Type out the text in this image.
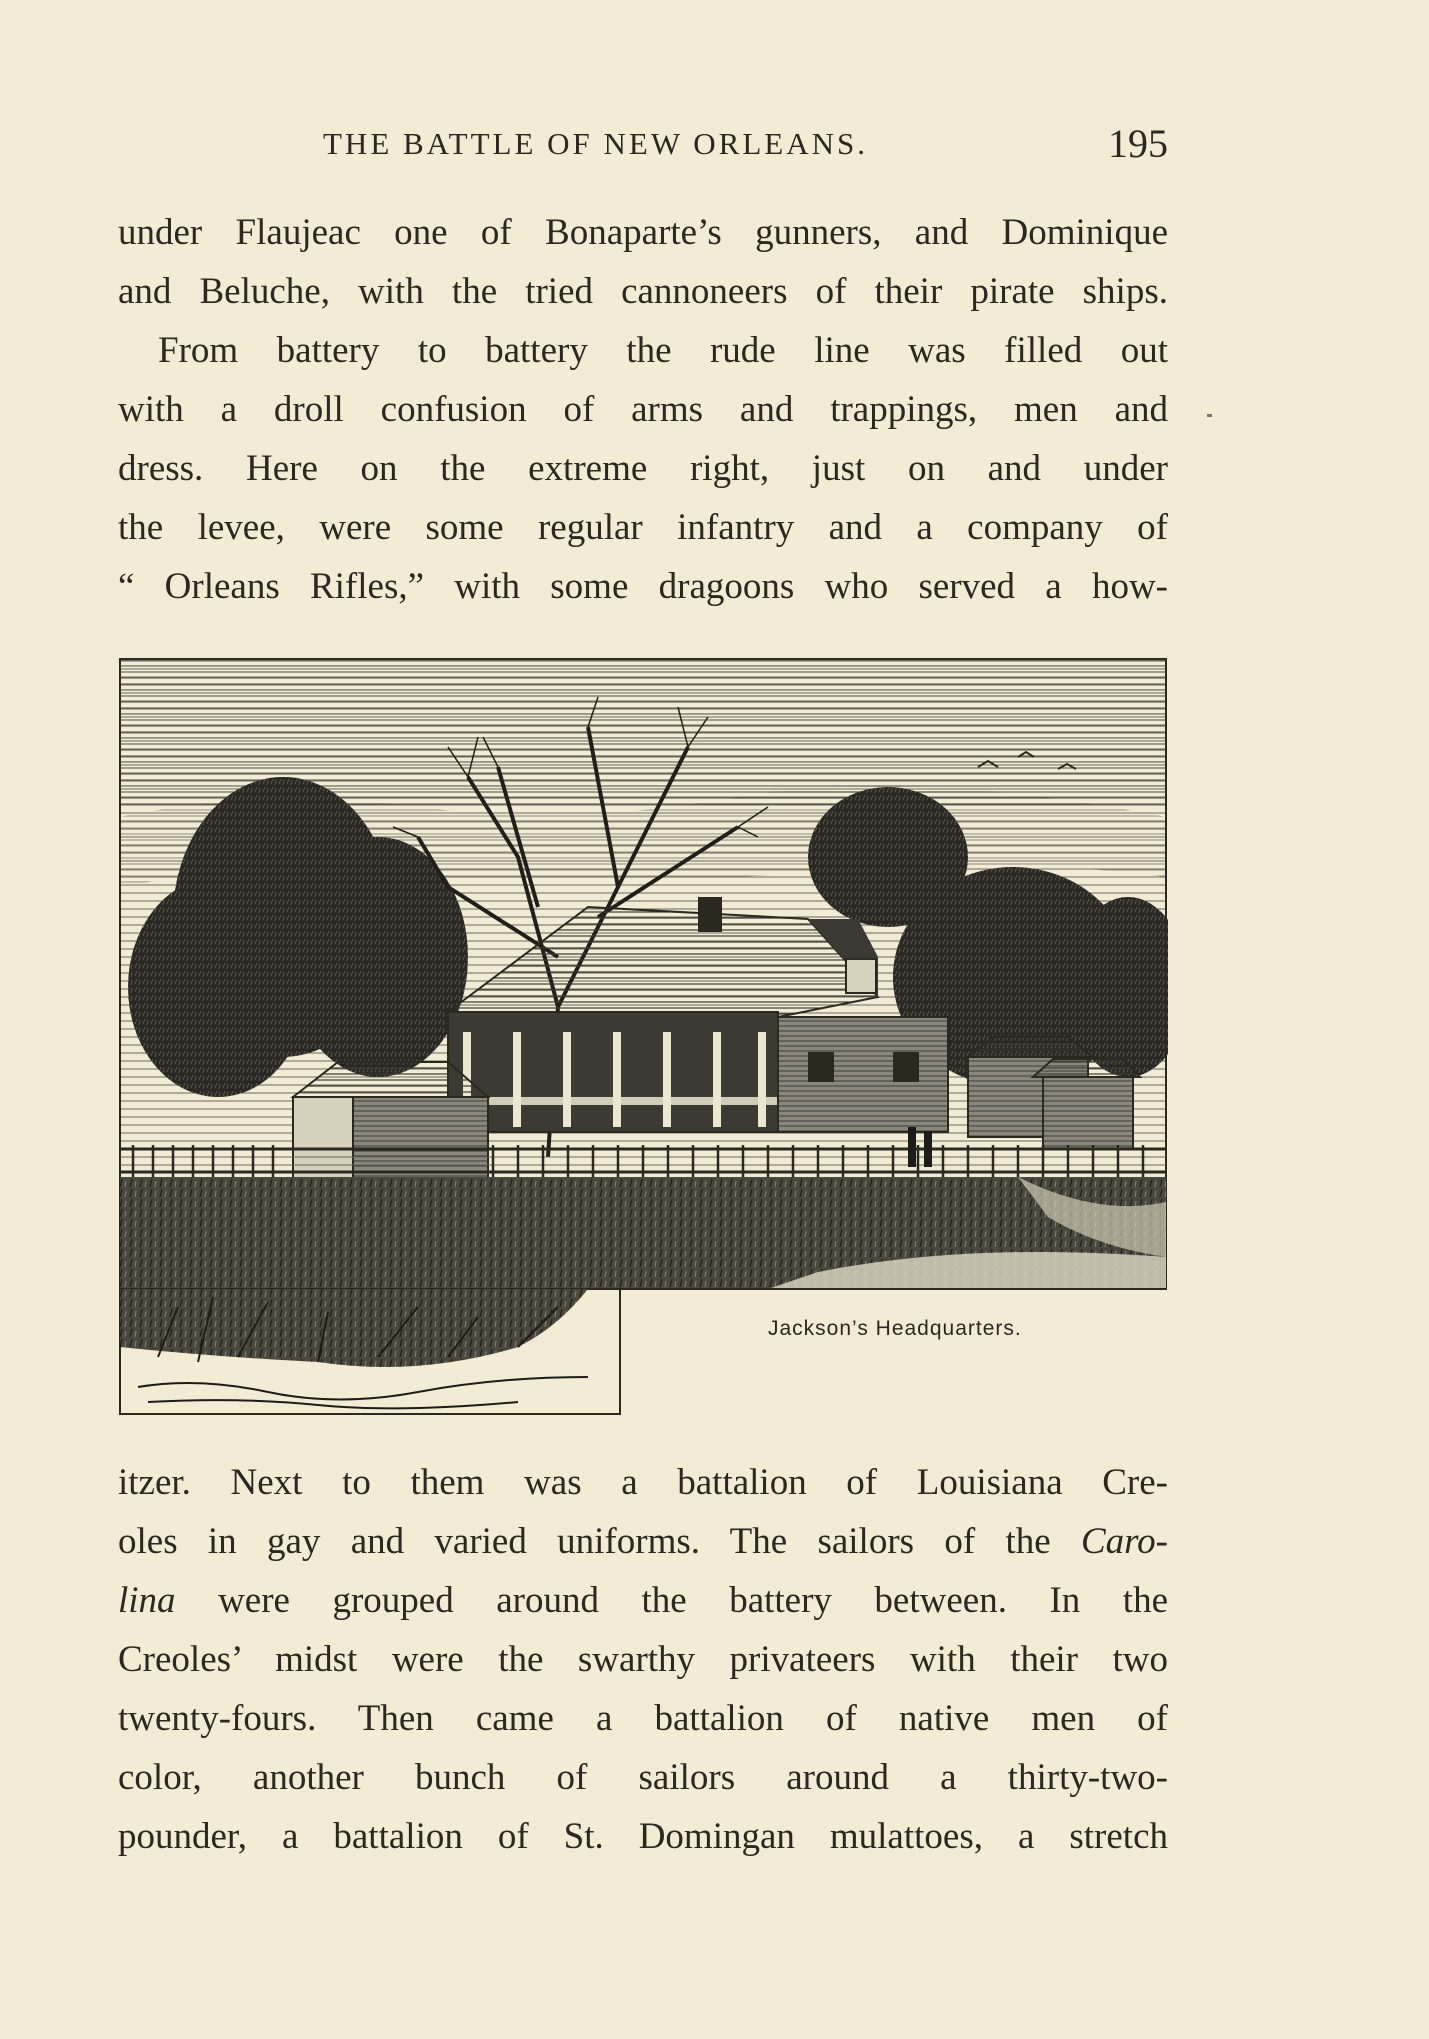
THE BATTLE OF NEW ORLEANS.	195
under Flaujeac one of Bonaparte’s gunners, and Dominique
and Beluche, with the tried cannoneers of their pirate ships.
From battery to battery the rude line was filled out
with a droll confusion of arms and trappings, men and
dress. Here on the extreme right, just on and under
the levee, were some regular infantry and a company of
“ Orleans Rifles,” with some dragoons who served a how-
Jackson’s Headquarters.
itzer. Next to them was a battalion of Louisiana Cre-
oles in gay and varied uniforms. The sailors of the Caro-
lina were grouped around the battery between. In the
Creoles’ midst were the swarthy privateers with their two
twenty-fours. Then came a battalion of native men of
color, another bunch of sailors around a thirty-two-
pounder, a battalion of St. Domingan mulattoes, a stretch
